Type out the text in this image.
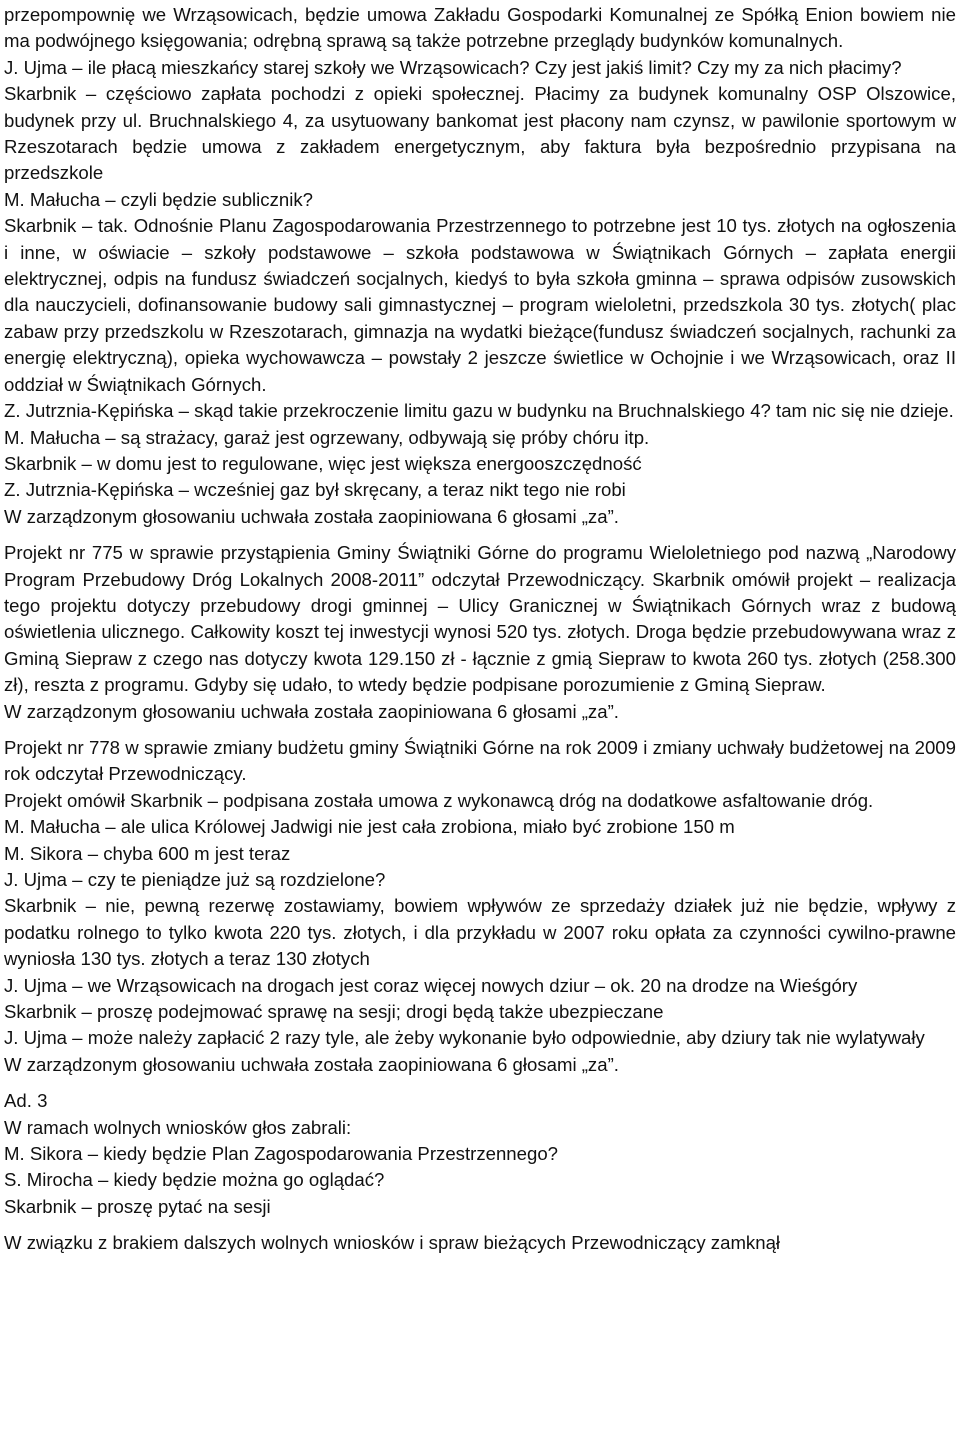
przepompownię we Wrząsowicach, będzie umowa Zakładu Gospodarki Komunalnej ze Spółką Enion bowiem nie ma podwójnego księgowania; odrębną sprawą są także potrzebne przeglądy budynków komunalnych.

J. Ujma – ile płacą mieszkańcy starej szkoły we Wrząsowicach? Czy jest jakiś limit? Czy my za nich płacimy?

Skarbnik – częściowo zapłata pochodzi z opieki społecznej. Płacimy za budynek komunalny OSP Olszowice, budynek przy ul. Bruchnalskiego 4, za usytuowany bankomat jest płacony nam czynsz, w pawilonie sportowym w Rzeszotarach będzie umowa z zakładem energetycznym, aby faktura była bezpośrednio przypisana na przedszkole

M. Małucha – czyli będzie sublicznik?

Skarbnik – tak. Odnośnie Planu Zagospodarowania Przestrzennego to potrzebne jest 10 tys. złotych na ogłoszenia i inne, w oświacie – szkoły podstawowe – szkoła podstawowa w Świątnikach Górnych – zapłata energii elektrycznej, odpis na fundusz świadczeń socjalnych, kiedyś to była szkoła gminna – sprawa odpisów zusowskich dla nauczycieli, dofinansowanie budowy sali gimnastycznej – program wieloletni, przedszkola 30 tys. złotych( plac zabaw przy przedszkolu w Rzeszotarach, gimnazja na wydatki bieżące(fundusz świadczeń socjalnych, rachunki za energię elektryczną), opieka wychowawcza – powstały 2 jeszcze świetlice w Ochojnie i we Wrząsowicach, oraz II oddział w Świątnikach Górnych.

Z. Jutrznia-Kępińska – skąd takie przekroczenie limitu gazu w budynku na Bruchnalskiego 4? tam nic się nie dzieje.

M. Małucha – są strażacy, garaż jest ogrzewany, odbywają się próby chóru itp.

Skarbnik – w domu jest to regulowane, więc jest większa energooszczędność

Z. Jutrznia-Kępińska – wcześniej gaz był skręcany, a teraz nikt tego nie robi

W zarządzonym głosowaniu uchwała została zaopiniowana 6 głosami „za”.

Projekt nr 775 w sprawie przystąpienia Gminy Świątniki Górne do programu Wieloletniego pod nazwą „Narodowy Program Przebudowy Dróg Lokalnych 2008-2011” odczytał Przewodniczący. Skarbnik omówił projekt – realizacja tego projektu dotyczy przebudowy drogi gminnej – Ulicy Granicznej w Świątnikach Górnych wraz z budową oświetlenia ulicznego. Całkowity koszt tej inwestycji wynosi 520 tys. złotych. Droga będzie przebudowywana wraz z Gminą Siepraw z czego nas dotyczy kwota 129.150 zł - łącznie z gmią Siepraw to kwota 260 tys. złotych (258.300 zł), reszta z programu. Gdyby się udało, to wtedy będzie podpisane porozumienie z Gminą Siepraw.

W zarządzonym głosowaniu uchwała została zaopiniowana 6 głosami „za”.

Projekt nr 778 w sprawie zmiany budżetu gminy Świątniki Górne na rok 2009 i zmiany uchwały budżetowej na 2009 rok odczytał Przewodniczący.

Projekt omówił Skarbnik – podpisana została umowa z wykonawcą dróg na dodatkowe asfaltowanie dróg.

M. Małucha – ale ulica Królowej Jadwigi nie jest cała zrobiona, miało być zrobione 150 m

M. Sikora – chyba 600 m jest teraz

J. Ujma – czy te pieniądze już są rozdzielone?

Skarbnik – nie, pewną rezerwę zostawiamy, bowiem wpływów ze sprzedaży działek już nie będzie, wpływy z podatku rolnego to tylko kwota 220 tys. złotych, i dla przykładu w 2007 roku opłata za czynności cywilno-prawne wyniosła 130 tys. złotych a teraz 130 złotych

J. Ujma – we Wrząsowicach na drogach jest coraz więcej nowych dziur – ok. 20 na drodze na Wieśgóry

Skarbnik – proszę podejmować sprawę na sesji; drogi będą także ubezpieczane

J. Ujma – może należy zapłacić 2 razy tyle, ale żeby wykonanie było odpowiednie, aby dziury tak nie wylatywały

W zarządzonym głosowaniu uchwała została zaopiniowana 6 głosami „za”.

Ad. 3

W ramach wolnych wniosków głos zabrali:

M. Sikora – kiedy będzie Plan Zagospodarowania Przestrzennego?

S. Mirocha – kiedy będzie można go oglądać?

Skarbnik – proszę pytać na sesji

W związku z brakiem dalszych wolnych wniosków i spraw bieżących Przewodniczący zamknął
